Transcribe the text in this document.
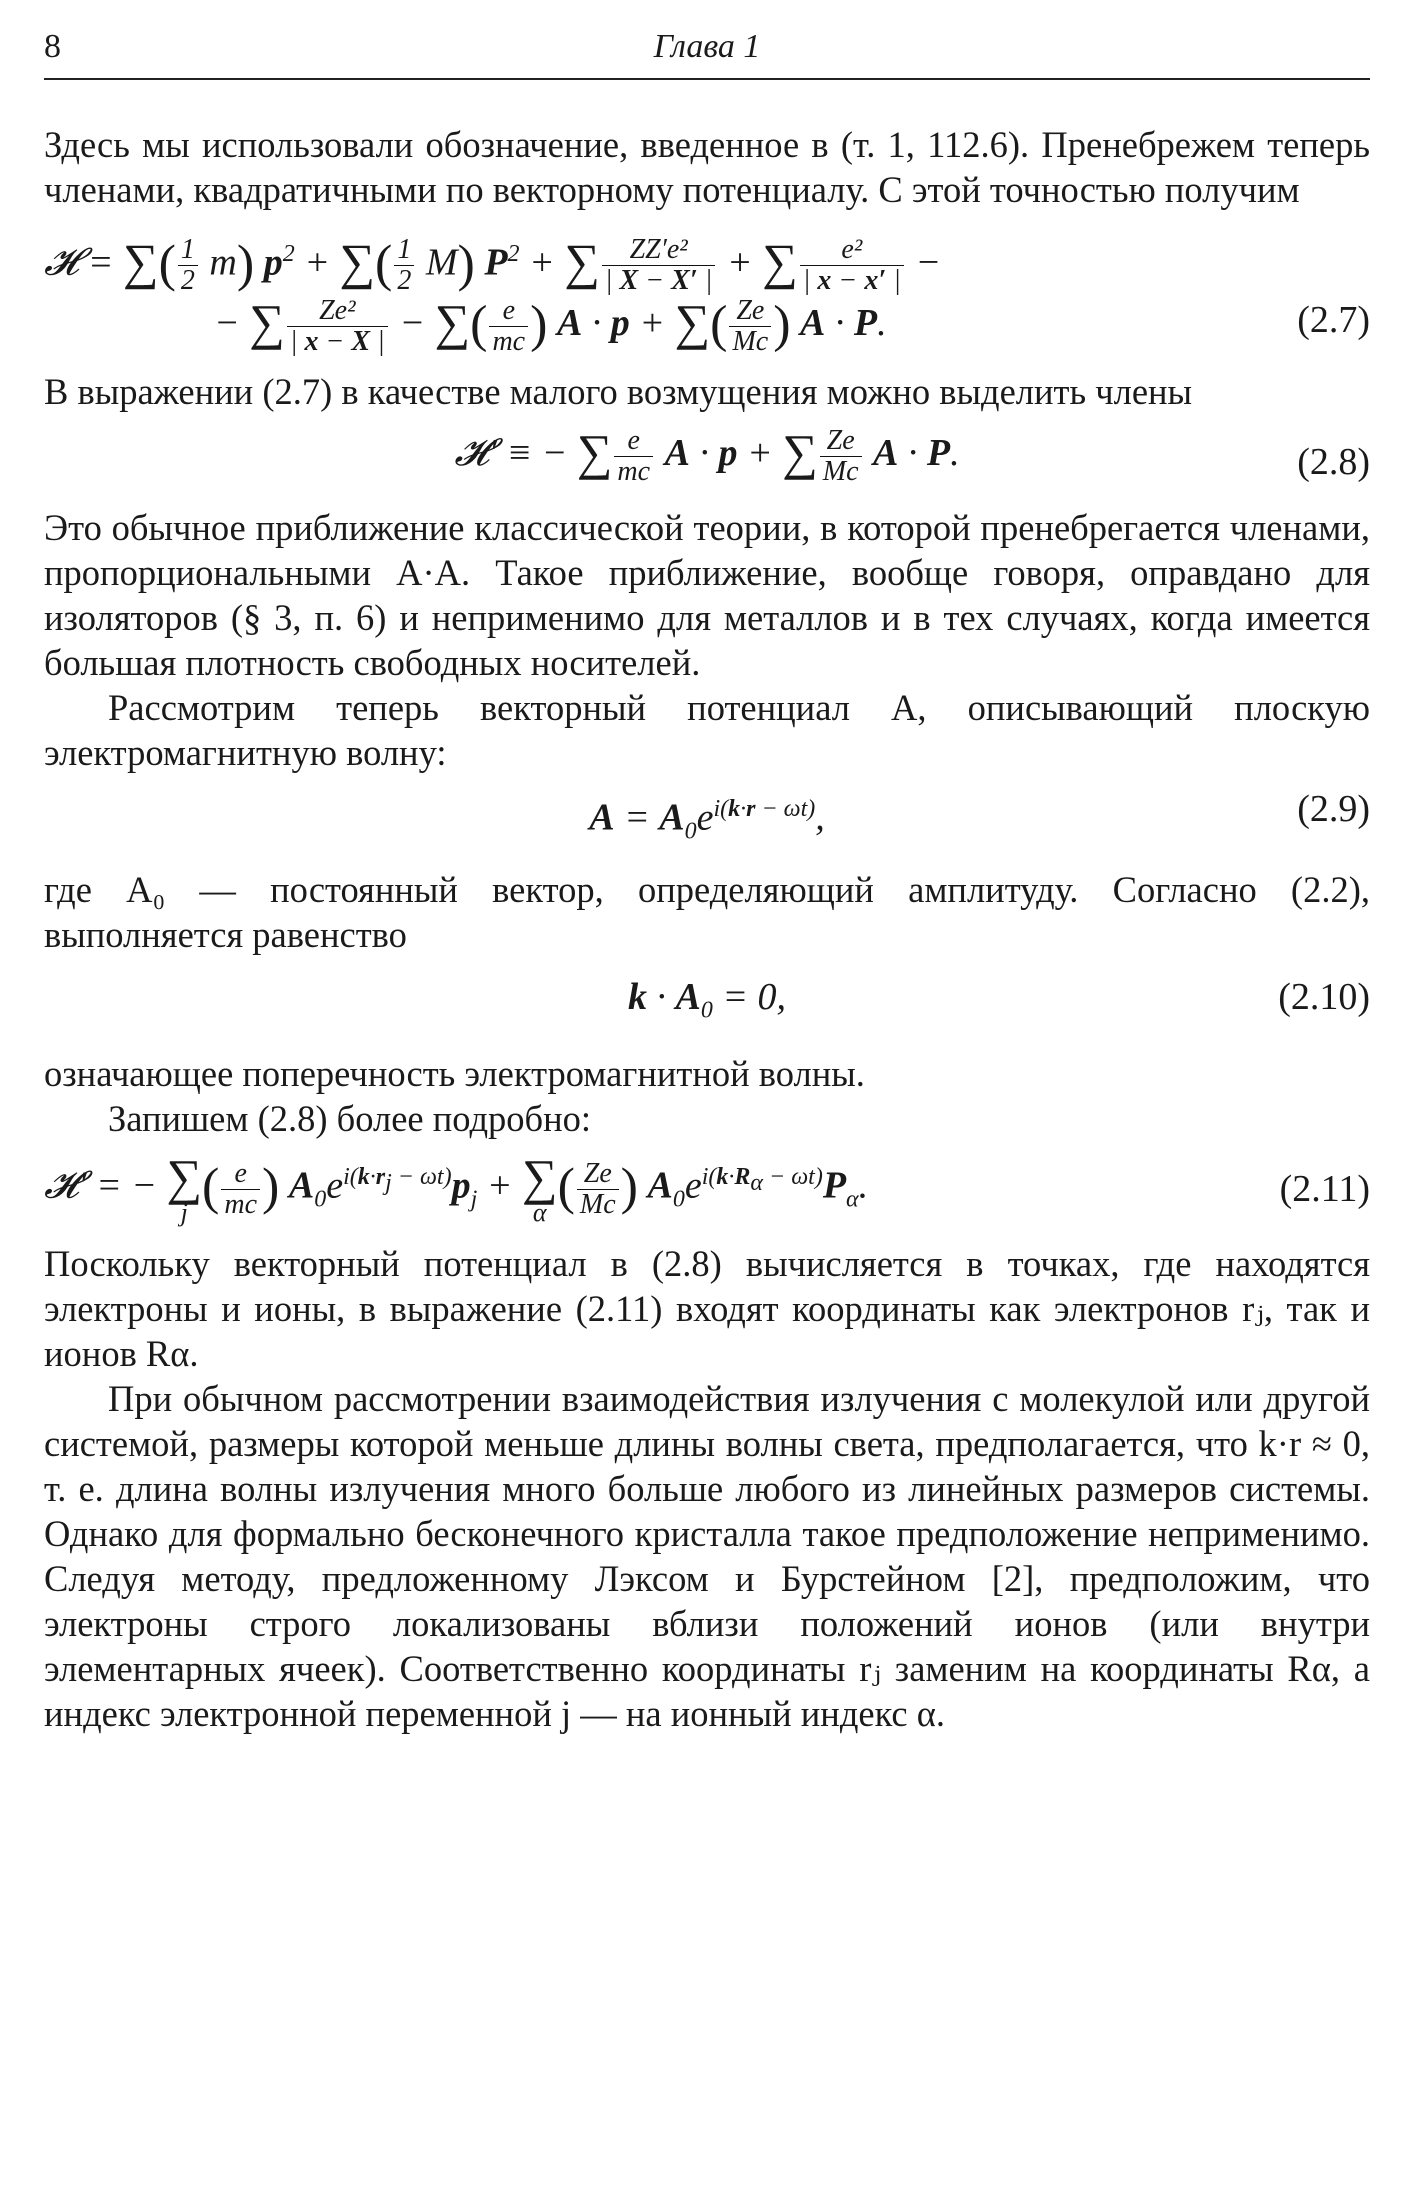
8	Глава 1

Здесь мы использовали обозначение, введенное в (т. 1, 112.6). Пренебрежем теперь членами, квадратичными по векторному потенциалу. С этой точностью получим

𝓗 = ∑( $\frac{1}{2} m$) $p^2$ + ∑( $\frac{1}{2} M$) $P^2$ + ∑ $\frac{\text{ZZ′e²}}{| X - X' |}$ + ∑ $\frac{\text{e²}}{| x - x' |}$ −
− ∑ $\frac{\text{Ze²}}{| x - X |}$ − ∑( $\frac{e}{mc}$ ) A · p + ∑( $\frac{Ze}{Mc}$ ) A · P.	(2.7)

В выражении (2.7) в качестве малого возмущения можно выделить члены

𝓗′ ≡ − ∑ $\frac{e}{mc}$ A · p + ∑ $\frac{Ze}{Mc}$ A · P.	(2.8)

Это обычное приближение классической теории, в которой пренебрегается членами, пропорциональными A·A. Такое приближение, вообще говоря, оправдано для изоляторов (§ 3, п. 6) и неприменимо для металлов и в тех случаях, когда имеется большая плотность свободных носителей.

Рассмотрим теперь векторный потенциал A, описывающий плоскую электромагнитную волну:

$A = A_0e^{i(k\cdot r - \omega t)}$,	(2.9)

где A₀ — постоянный вектор, определяющий амплитуду. Согласно (2.2), выполняется равенство

$k \cdot A_0 = 0$,	(2.10)

означающее поперечность электромагнитной волны.

Запишем (2.8) более подробно:

𝓗′ = − ∑
j ( $\frac{e}{mc}$ ) $A_0e^{i(k\cdot r_j - \omega t)}p_j$ + ∑
α ( $\frac{Ze}{Mc}$ ) $A_0e^{i(k\cdot R_\alpha - \omega t)}P_\alpha$.	(2.11)

Поскольку векторный потенциал в (2.8) вычисляется в точках, где находятся электроны и ионы, в выражение (2.11) входят координаты как электронов rⱼ, так и ионов Rα.

При обычном рассмотрении взаимодействия излучения с молекулой или другой системой, размеры которой меньше длины волны света, предполагается, что k·r ≈ 0, т. е. длина волны излучения много больше любого из линейных размеров системы. Однако для формально бесконечного кристалла такое предположение неприменимо. Следуя методу, предложенному Лэксом и Бурстейном [2], предположим, что электроны строго локализованы вблизи положений ионов (или внутри элементарных ячеек). Соответственно координаты rⱼ заменим на координаты Rα, а индекс электронной переменной j — на ионный индекс α.
